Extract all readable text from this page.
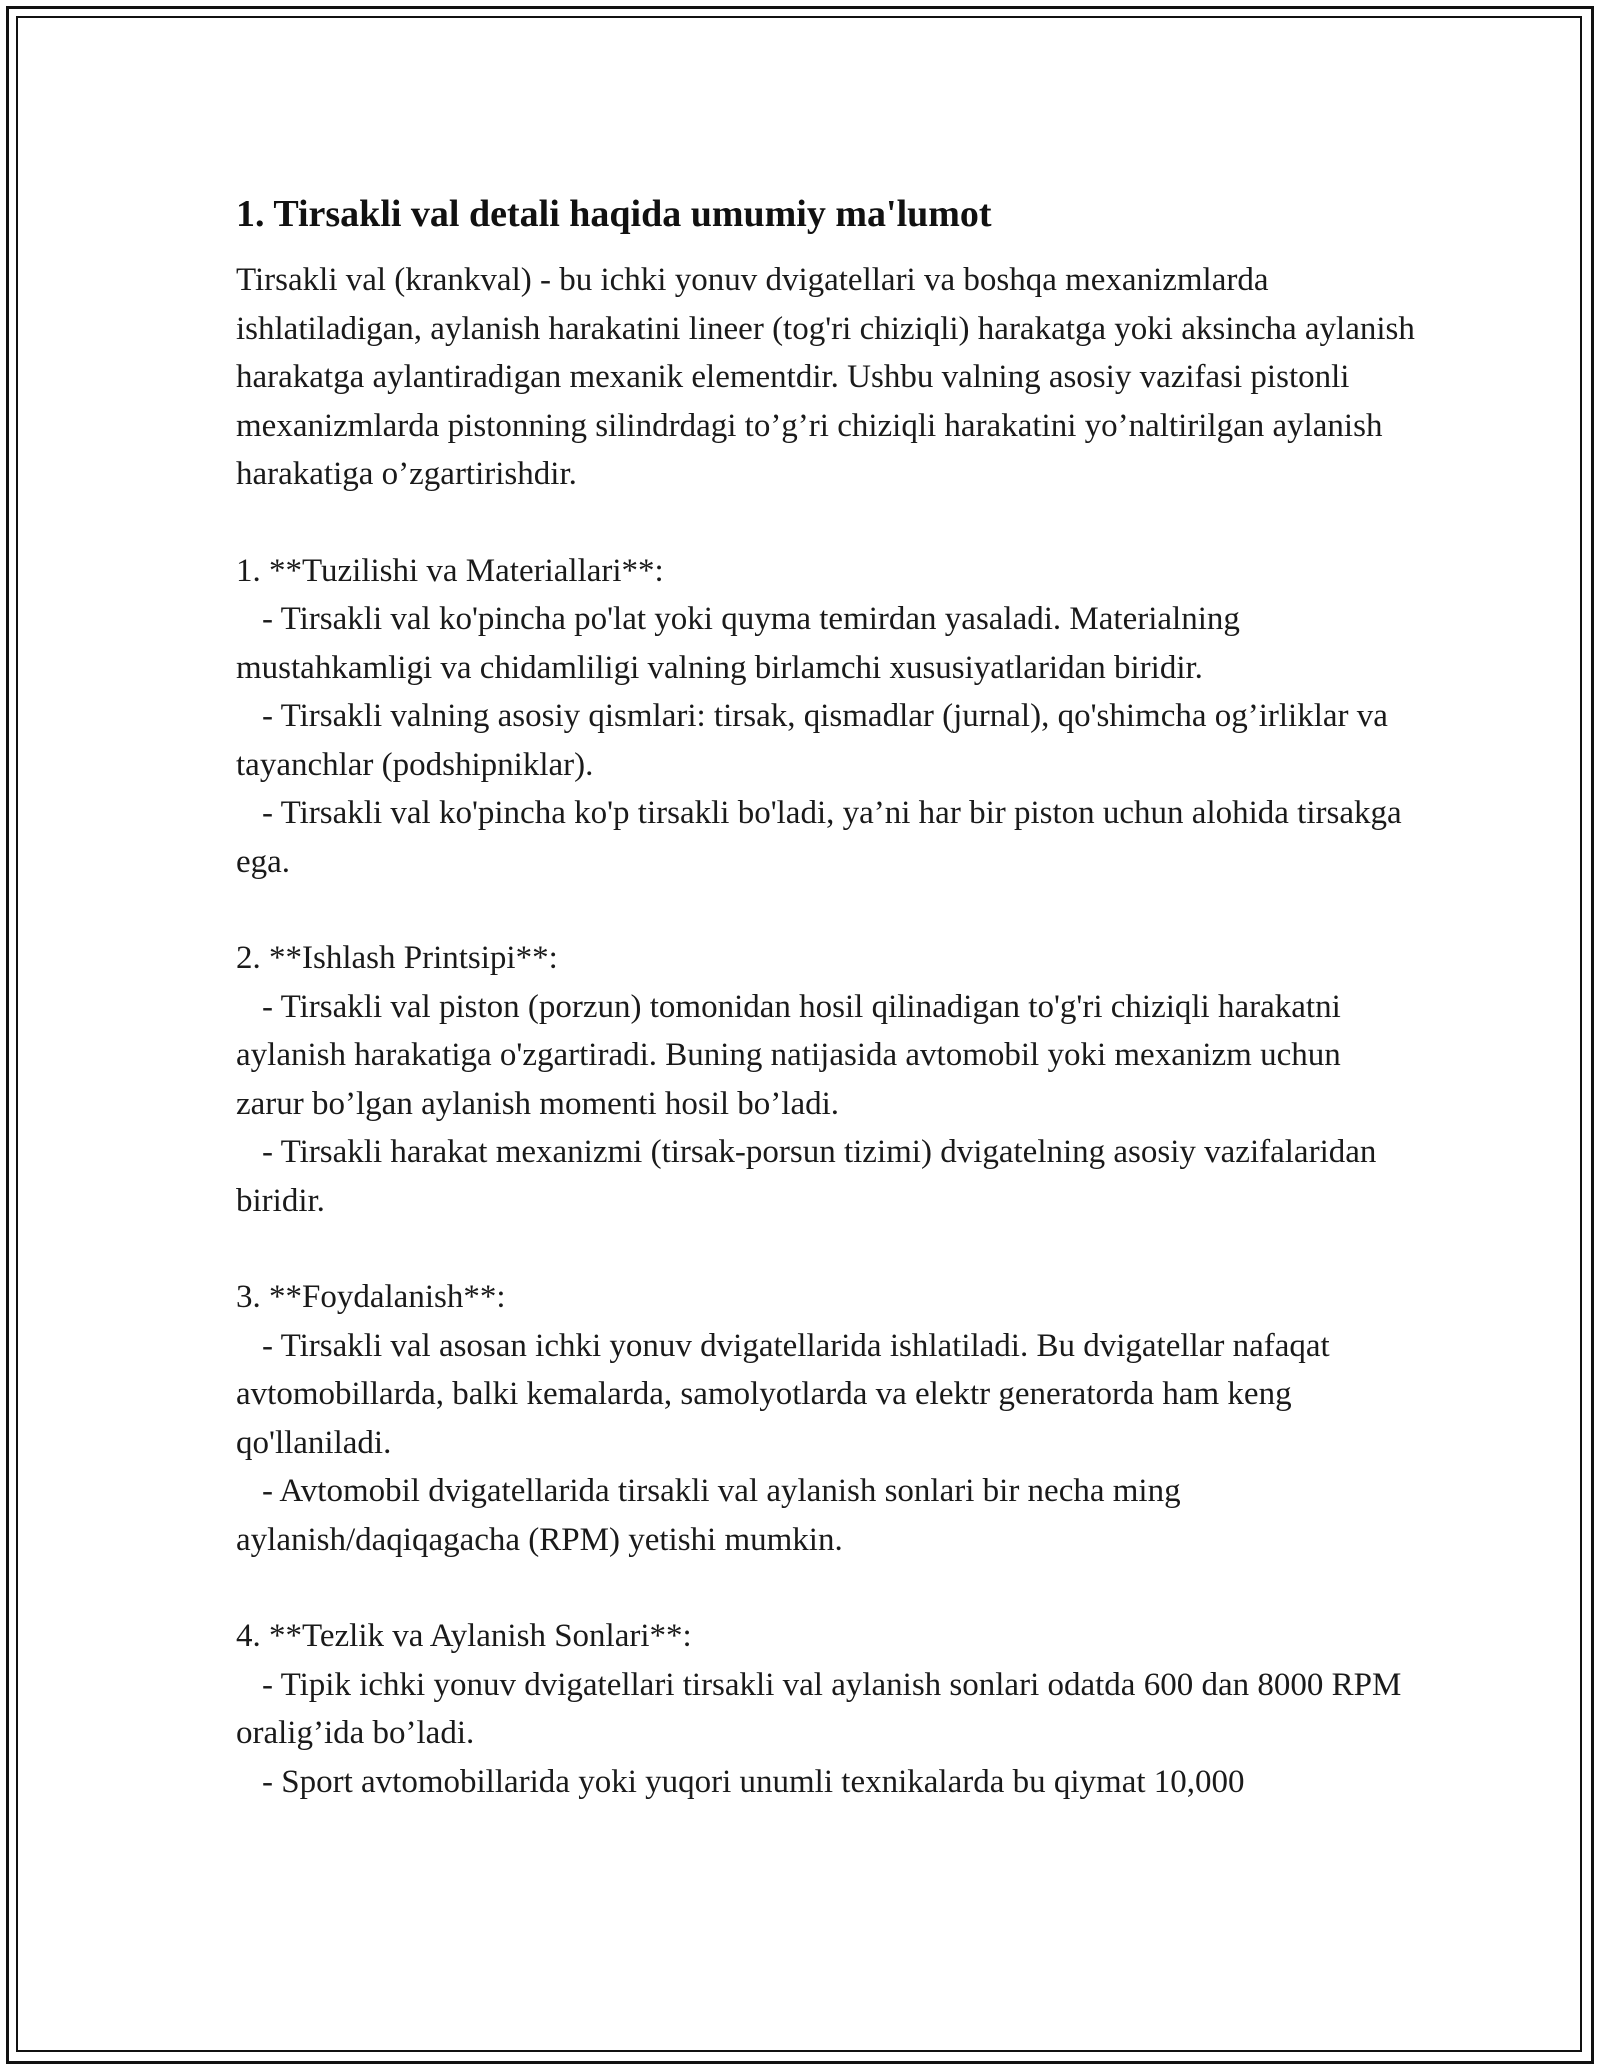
1. Tirsakli val detali haqida umumiy ma'lumot

Tirsakli val (krankval) - bu ichki yonuv dvigatellari va boshqa mexanizmlarda ishlatiladigan, aylanish harakatini lineer (tog'ri chiziqli) harakatga yoki aksincha aylanish harakatga aylantiradigan mexanik elementdir. Ushbu valning asosiy vazifasi pistonli mexanizmlarda pistonning silindrdagi to’g’ri chiziqli harakatini yo’naltirilgan aylanish harakatiga o’zgartirishdir.

1. **Tuzilishi va Materiallari**:

- Tirsakli val ko'pincha po'lat yoki quyma temirdan yasaladi. Materialning mustahkamligi va chidamliligi valning birlamchi xususiyatlaridan biridir.

- Tirsakli valning asosiy qismlari: tirsak, qismadlar (jurnal), qo'shimcha og’irliklar va tayanchlar (podshipniklar).

- Tirsakli val ko'pincha ko'p tirsakli bo'ladi, ya’ni har bir piston uchun alohida tirsakga ega.

2. **Ishlash Printsipi**:

- Tirsakli val piston (porzun) tomonidan hosil qilinadigan to'g'ri chiziqli harakatni aylanish harakatiga o'zgartiradi. Buning natijasida avtomobil yoki mexanizm uchun zarur bo’lgan aylanish momenti hosil bo’ladi.

- Tirsakli harakat mexanizmi (tirsak-porsun tizimi) dvigatelning asosiy vazifalaridan biridir.

3. **Foydalanish**:

- Tirsakli val asosan ichki yonuv dvigatellarida ishlatiladi. Bu dvigatellar nafaqat avtomobillarda, balki kemalarda, samolyotlarda va elektr generatorda ham keng qo'llaniladi.

- Avtomobil dvigatellarida tirsakli val aylanish sonlari bir necha ming aylanish/daqiqagacha (RPM) yetishi mumkin.

4. **Tezlik va Aylanish Sonlari**:

- Tipik ichki yonuv dvigatellari tirsakli val aylanish sonlari odatda 600 dan 8000 RPM oralig’ida bo’ladi.

- Sport avtomobillarida yoki yuqori unumli texnikalarda bu qiymat 10,000
